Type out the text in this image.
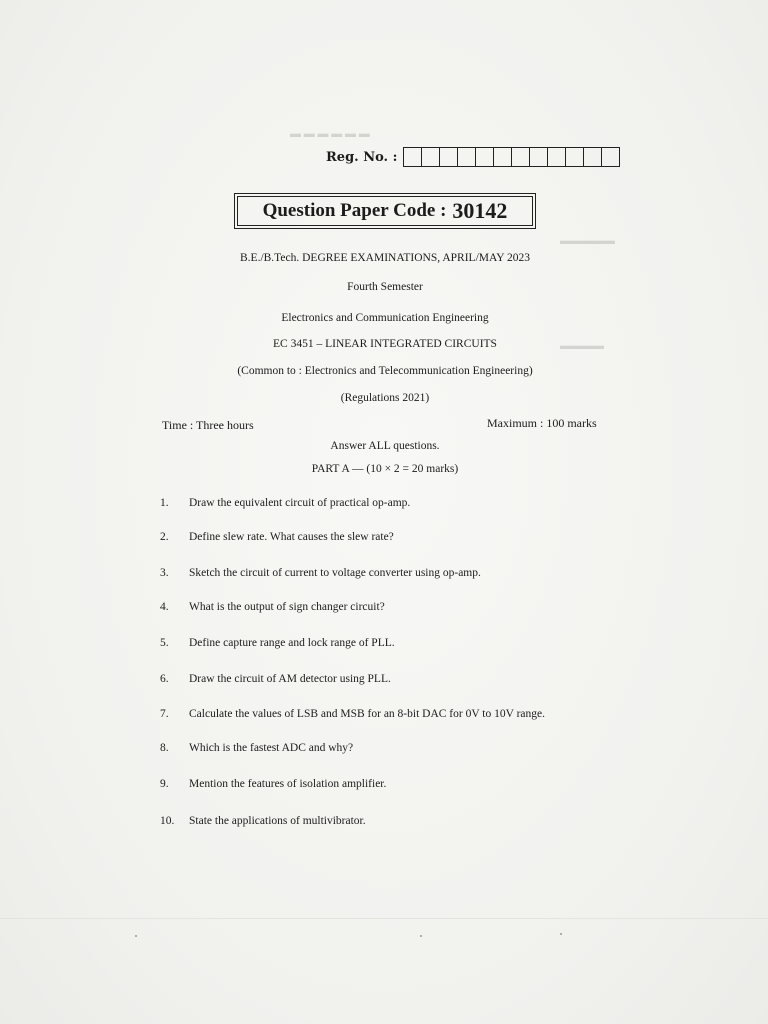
▬ ▬ ▬ ▬ ▬ ▬
▬▬▬▬▬
▬▬▬▬
Reg. No. :
Question Paper Code : 30142
B.E./B.Tech. DEGREE EXAMINATIONS, APRIL/MAY 2023
Fourth Semester
Electronics and Communication Engineering
EC 3451 – LINEAR INTEGRATED CIRCUITS
(Common to : Electronics and Telecommunication Engineering)
(Regulations 2021)
Time : Three hours	Maximum : 100 marks
Answer ALL questions.
PART A — (10 × 2 = 20 marks)
1.	Draw the equivalent circuit of practical op-amp.
2.	Define slew rate. What causes the slew rate?
3.	Sketch the circuit of current to voltage converter using op-amp.
4.	What is the output of sign changer circuit?
5.	Define capture range and lock range of PLL.
6.	Draw the circuit of AM detector using PLL.
7.	Calculate the values of LSB and MSB for an 8-bit DAC for 0V to 10V range.
8.	Which is the fastest ADC and why?
9.	Mention the features of isolation amplifier.
10.	State the applications of multivibrator.
